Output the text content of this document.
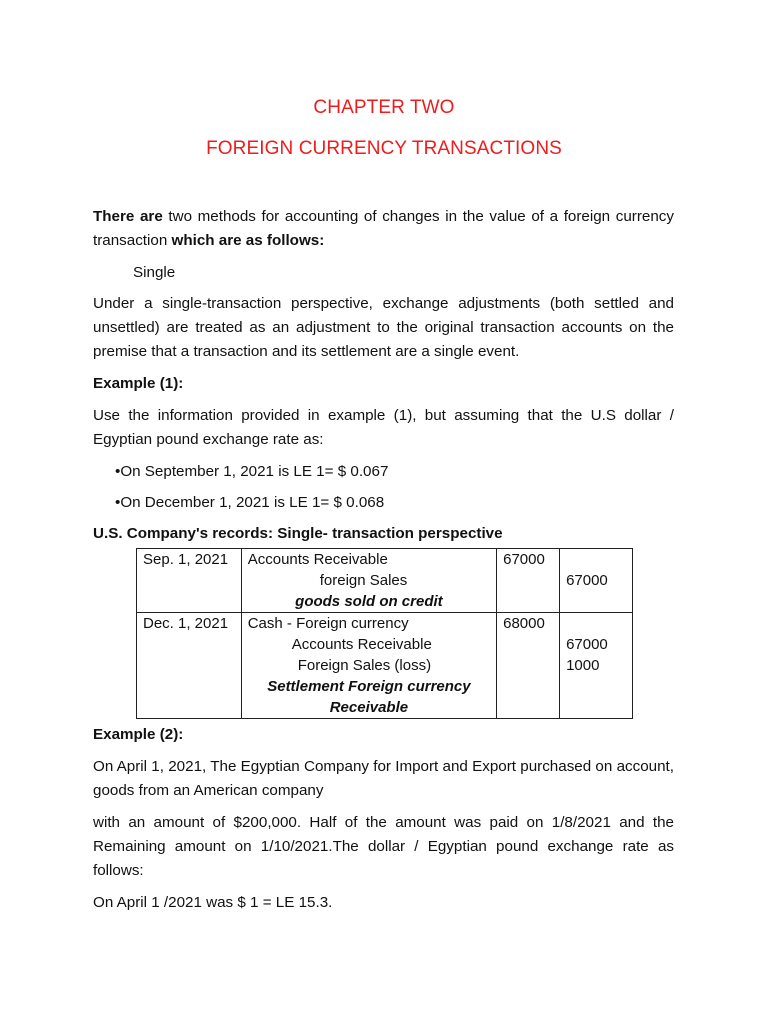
CHAPTER TWO
FOREIGN CURRENCY TRANSACTIONS

There are two methods for accounting of changes in the value of a foreign currency transaction which are as follows:

Single

Under a single-transaction perspective, exchange adjustments (both settled and unsettled) are treated as an adjustment to the original transaction accounts on the premise that a transaction and its settlement are a single event.

Example (1):

Use the information provided in example (1), but assuming that the U.S dollar / Egyptian pound exchange rate as:

•On September 1, 2021 is LE 1= $ 0.067

•On December 1, 2021 is LE 1= $ 0.068

U.S. Company's records: Single- transaction perspective

Sep. 1, 2021	Accounts Receivable
foreign Sales
goods sold on credit	67000	67000

Dec. 1, 2021	Cash - Foreign currency
Accounts Receivable
Foreign Sales (loss)
Settlement Foreign currency
Receivable	68000	67000
1000

Example (2):

On April 1, 2021, The Egyptian Company for Import and Export purchased on account, goods from an American company

with an amount of $200,000. Half of the amount was paid on 1/8/2021 and the Remaining amount on 1/10/2021.The dollar / Egyptian pound exchange rate as follows:

On April 1 /2021 was $ 1 = LE 15.3.
